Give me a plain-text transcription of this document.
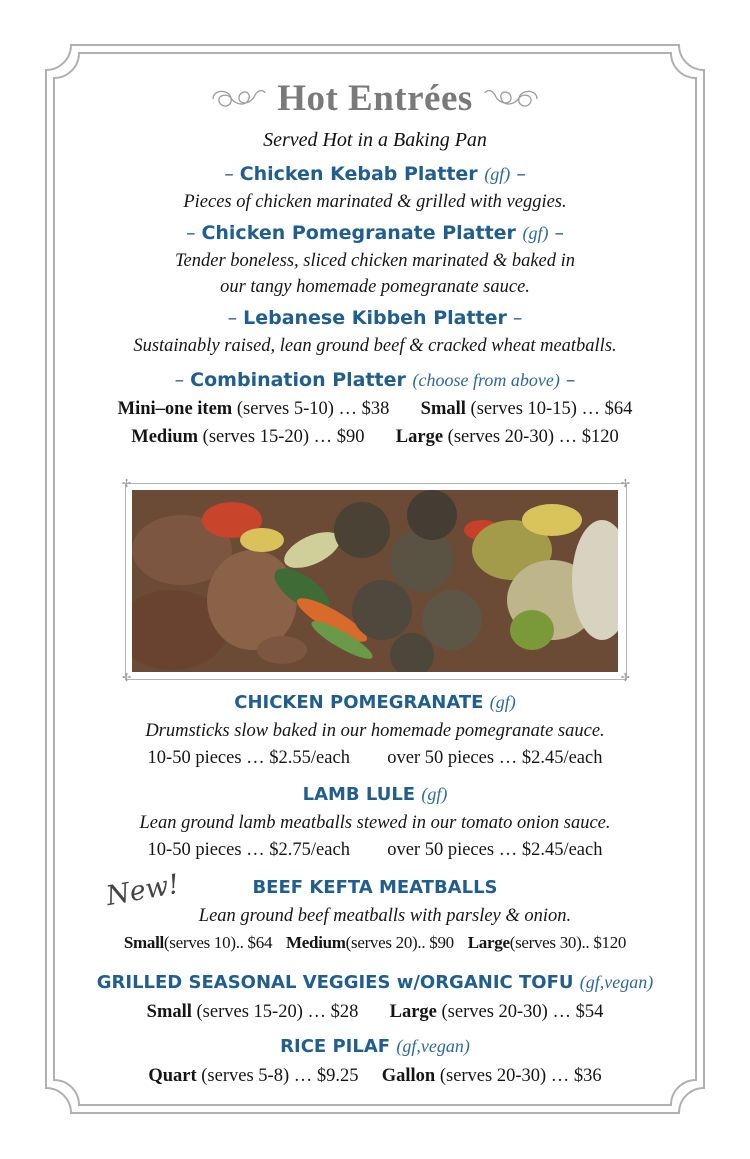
Hot Entrées
Served Hot in a Baking Pan
– Chicken Kebab Platter (gf) –
Pieces of chicken marinated & grilled with veggies.
– Chicken Pomegranate Platter (gf) –
Tender boneless, sliced chicken marinated & baked in
our tangy homemade pomegranate sauce.
– Lebanese Kibbeh Platter –
Sustainably raised, lean ground beef & cracked wheat meatballs.
– Combination Platter (choose from above) –
Mini–one item (serves 5-10) … $38 Small (serves 10-15) … $64
Medium (serves 15-20) … $90 Large (serves 20-30) … $120
✢	✢
✢	✢
CHICKEN POMEGRANATE (gf)
Drumsticks slow baked in our homemade pomegranate sauce.
10-50 pieces … $2.55/each over 50 pieces … $2.45/each
LAMB LULE (gf)
Lean ground lamb meatballs stewed in our tomato onion sauce.
10-50 pieces … $2.75/each over 50 pieces … $2.45/each
New!	BEEF KEFTA MEATBALLS
Lean ground beef meatballs with parsley & onion.
Small(serves 10).. $64 Medium(serves 20).. $90 Large(serves 30).. $120
GRILLED SEASONAL VEGGIES w/ORGANIC TOFU (gf,vegan)
Small (serves 15-20) … $28 Large (serves 20-30) … $54
RICE PILAF (gf,vegan)
Quart (serves 5-8) … $9.25 Gallon (serves 20-30) … $36
